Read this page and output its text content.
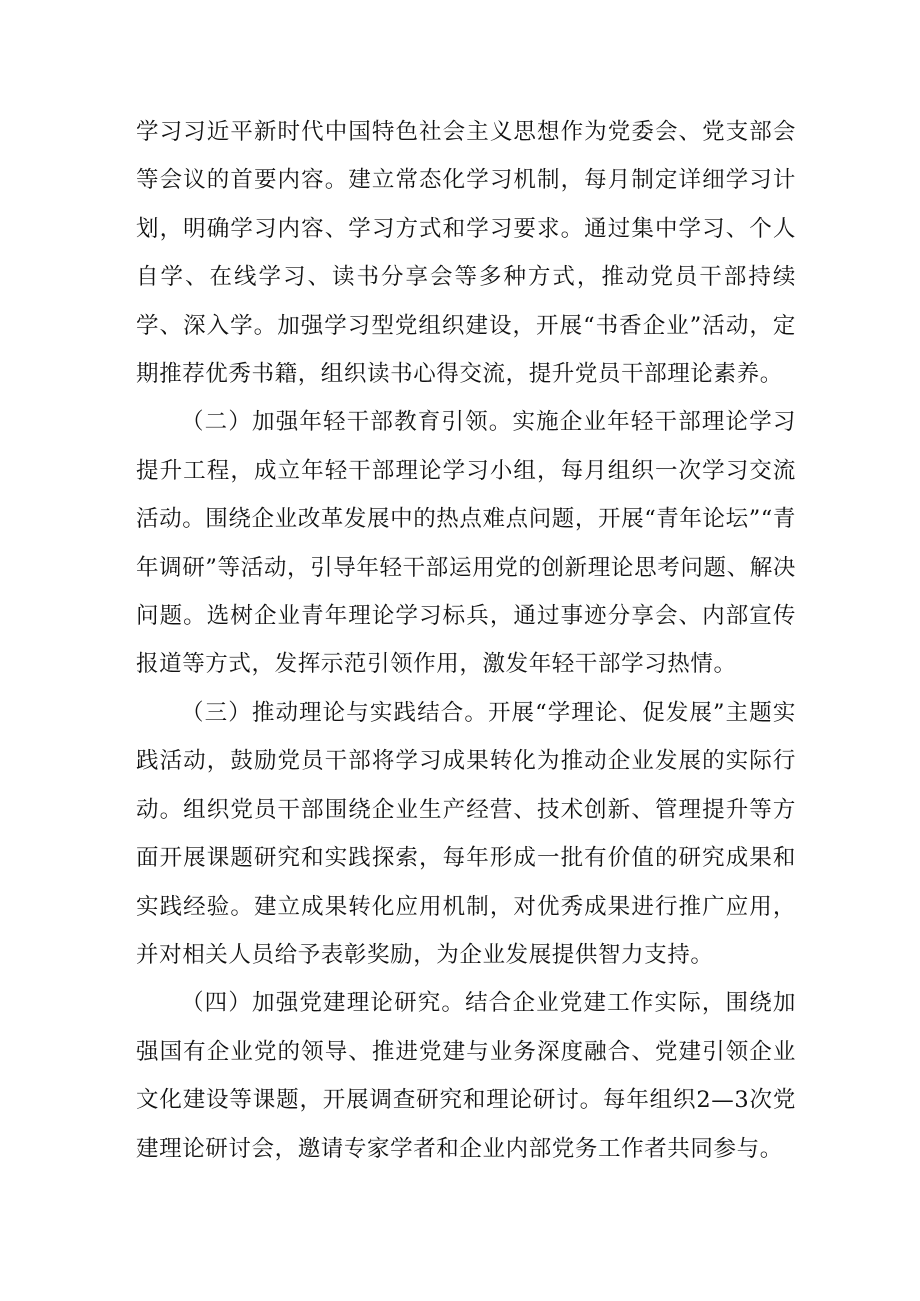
学习习近平新时代中国特色社会主义思想作为党委会、党支部会等会议的首要内容。建立常态化学习机制，每月制定详细学习计划，明确学习内容、学习方式和学习要求。通过集中学习、个人自学、在线学习、读书分享会等多种方式，推动党员干部持续学、深入学。加强学习型党组织建设，开展“书香企业”活动，定期推荐优秀书籍，组织读书心得交流，提升党员干部理论素养。

（二）加强年轻干部教育引领。实施企业年轻干部理论学习提升工程，成立年轻干部理论学习小组，每月组织一次学习交流活动。围绕企业改革发展中的热点难点问题，开展“青年论坛”“青年调研”等活动，引导年轻干部运用党的创新理论思考问题、解决问题。选树企业青年理论学习标兵，通过事迹分享会、内部宣传报道等方式，发挥示范引领作用，激发年轻干部学习热情。

（三）推动理论与实践结合。开展“学理论、促发展”主题实践活动，鼓励党员干部将学习成果转化为推动企业发展的实际行动。组织党员干部围绕企业生产经营、技术创新、管理提升等方面开展课题研究和实践探索，每年形成一批有价值的研究成果和实践经验。建立成果转化应用机制，对优秀成果进行推广应用，并对相关人员给予表彰奖励，为企业发展提供智力支持。

（四）加强党建理论研究。结合企业党建工作实际，围绕加强国有企业党的领导、推进党建与业务深度融合、党建引领企业文化建设等课题，开展调查研究和理论研讨。每年组织2—3次党建理论研讨会，邀请专家学者和企业内部党务工作者共同参与。
